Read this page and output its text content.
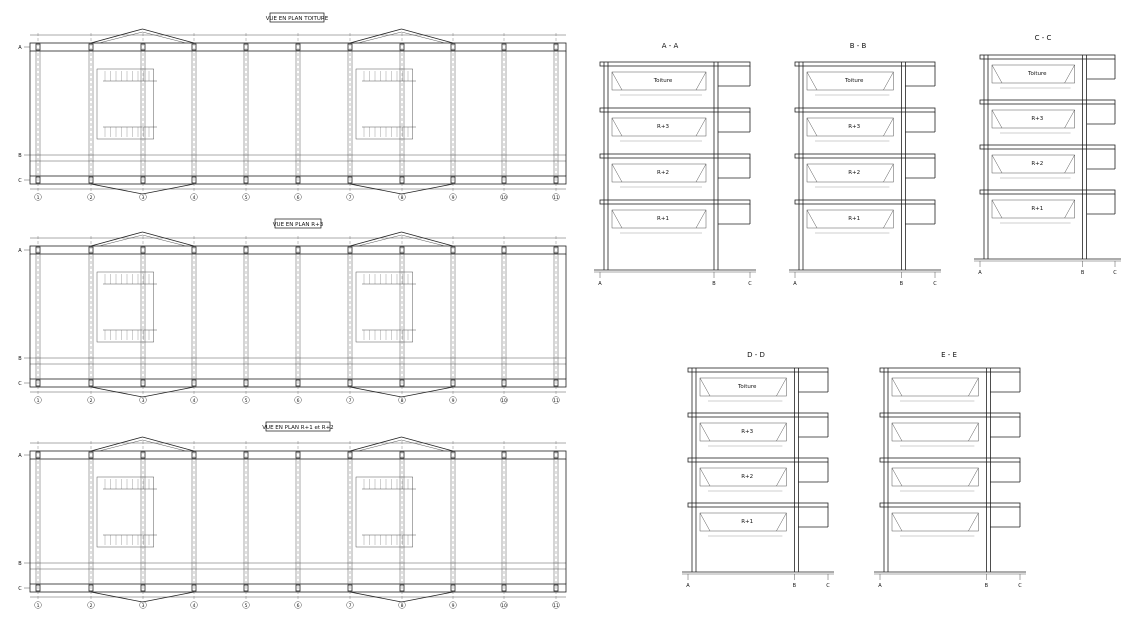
VUE EN PLAN TOITURE
VUE EN PLAN R+3
VUE EN PLAN R+1 et R+2
A - A	B - B
C - C
D - D	E - E
1	2	3	4	5	6	7	8	9	10	11
A
B
C
1	2	3	4	5	6	7	8	9	10	11
A
B
C
1	2	3	4	5	6	7	8	9	10	11
A
B
C
Toiture
R+3
R+2
R+1
A	B	C
Toiture
R+3
R+2
R+1
A	B	C
Toiture
R+3
R+2
R+1
A	B	C
Toiture
R+3
R+2
R+1
A	B	C	A	B	C
